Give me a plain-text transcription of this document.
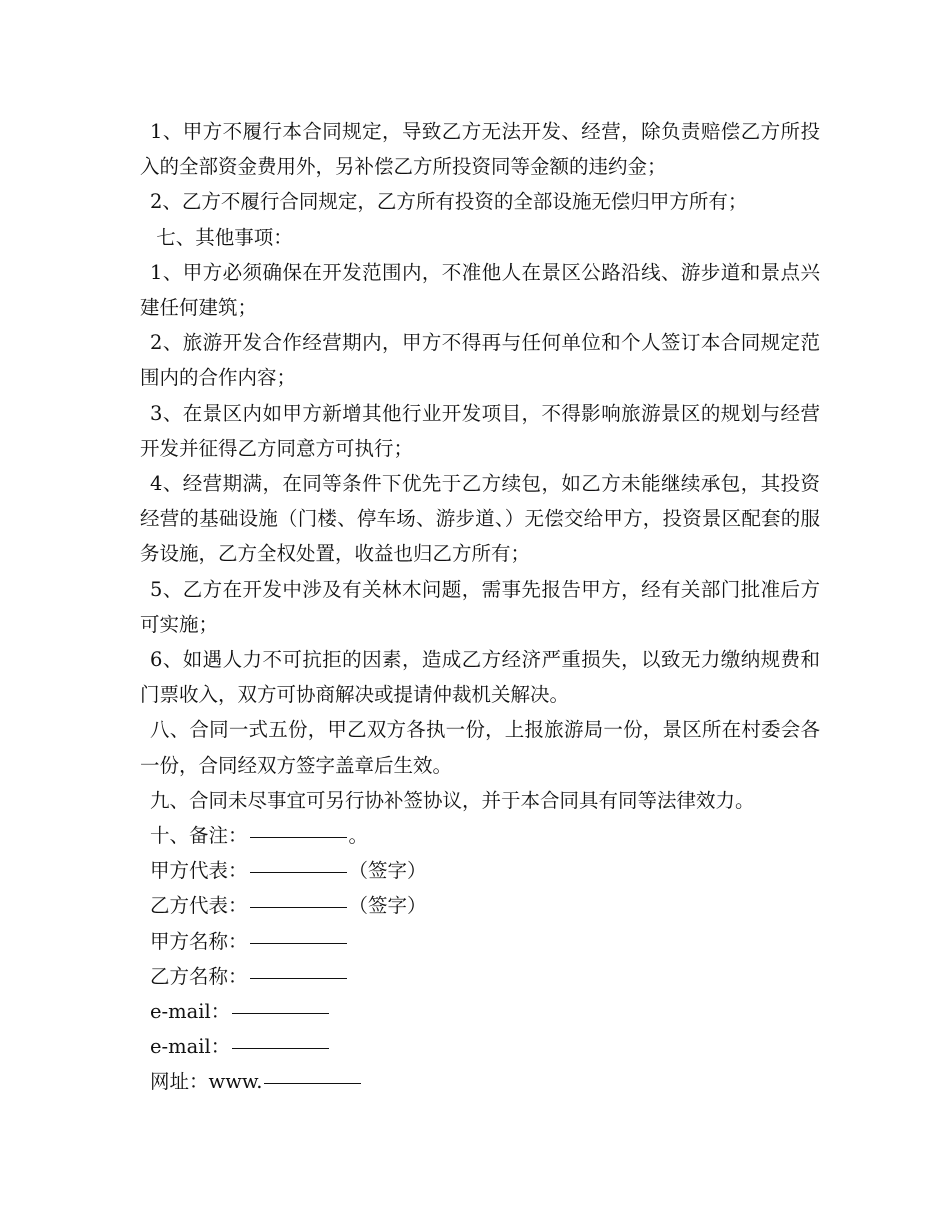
1、甲方不履行本合同规定，导致乙方无法开发、经营，除负责赔偿乙方所投入的全部资金费用外，另补偿乙方所投资同等金额的违约金；

2、乙方不履行合同规定，乙方所有投资的全部设施无偿归甲方所有；

七、其他事项：

1、甲方必须确保在开发范围内，不准他人在景区公路沿线、游步道和景点兴建任何建筑；

2、旅游开发合作经营期内，甲方不得再与任何单位和个人签订本合同规定范围内的合作内容；

3、在景区内如甲方新增其他行业开发项目，不得影响旅游景区的规划与经营开发并征得乙方同意方可执行；

4、经营期满，在同等条件下优先于乙方续包，如乙方未能继续承包，其投资经营的基础设施（门楼、停车场、游步道、）无偿交给甲方，投资景区配套的服务设施，乙方全权处置，收益也归乙方所有；

5、乙方在开发中涉及有关林木问题，需事先报告甲方，经有关部门批准后方可实施；

6、如遇人力不可抗拒的因素，造成乙方经济严重损失，以致无力缴纳规费和门票收入，双方可协商解决或提请仲裁机关解决。

八、合同一式五份，甲乙双方各执一份，上报旅游局一份，景区所在村委会各一份，合同经双方签字盖章后生效。

九、合同未尽事宜可另行协补签协议，并于本合同具有同等法律效力。

十、备注：	。
甲方代表：	（签字）
乙方代表：	（签字）
甲方名称：
乙方名称：
e-mail：
e-mail：
网址：www.
